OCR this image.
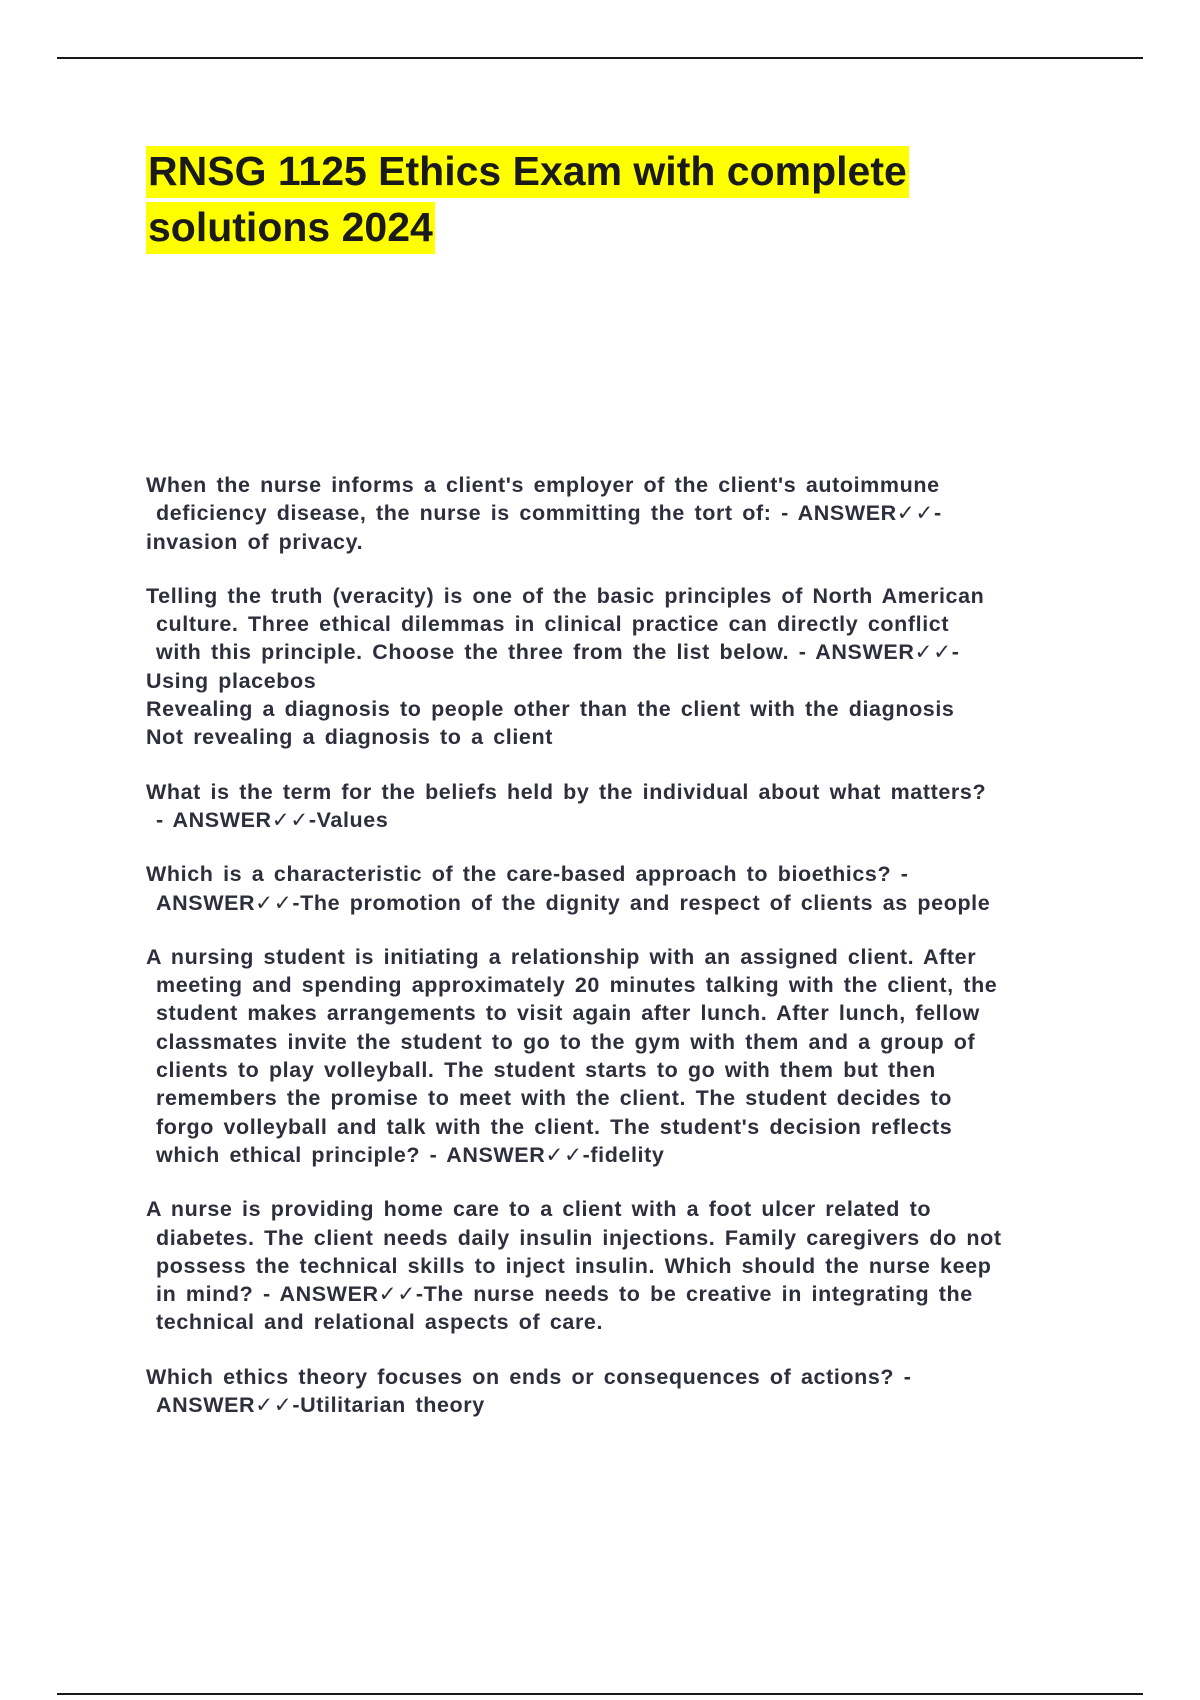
RNSG 1125 Ethics Exam with complete
solutions 2024

When the nurse informs a client's employer of the client's autoimmune
deficiency disease, the nurse is committing the tort of: - ANSWER✓✓-
invasion of privacy.

Telling the truth (veracity) is one of the basic principles of North American
culture. Three ethical dilemmas in clinical practice can directly conflict
with this principle. Choose the three from the list below. - ANSWER✓✓-
Using placebos
Revealing a diagnosis to people other than the client with the diagnosis
Not revealing a diagnosis to a client

What is the term for the beliefs held by the individual about what matters?
- ANSWER✓✓-Values

Which is a characteristic of the care-based approach to bioethics? -
ANSWER✓✓-The promotion of the dignity and respect of clients as people

A nursing student is initiating a relationship with an assigned client. After
meeting and spending approximately 20 minutes talking with the client, the
student makes arrangements to visit again after lunch. After lunch, fellow
classmates invite the student to go to the gym with them and a group of
clients to play volleyball. The student starts to go with them but then
remembers the promise to meet with the client. The student decides to
forgo volleyball and talk with the client. The student's decision reflects
which ethical principle? - ANSWER✓✓-fidelity

A nurse is providing home care to a client with a foot ulcer related to
diabetes. The client needs daily insulin injections. Family caregivers do not
possess the technical skills to inject insulin. Which should the nurse keep
in mind? - ANSWER✓✓-The nurse needs to be creative in integrating the
technical and relational aspects of care.

Which ethics theory focuses on ends or consequences of actions? -
ANSWER✓✓-Utilitarian theory
